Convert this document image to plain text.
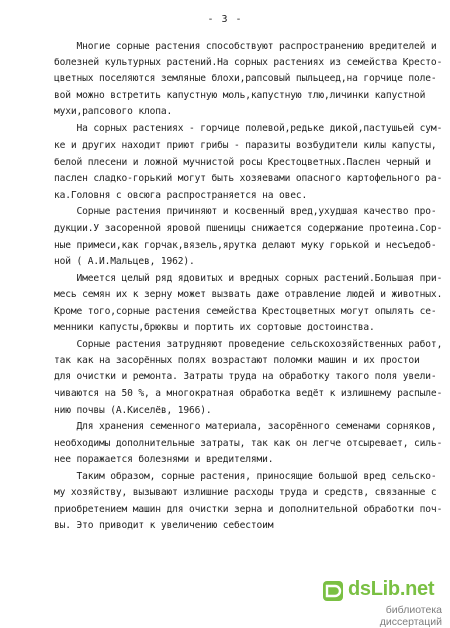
- 3 -
Многие сорные растения способствуют распространению вредителей и
болезней культурных растений.На сорных растениях из семейства Кресто-
цветных поселяются земляные блохи,рапсовый пыльцеед,на горчице поле-
вой можно встретить капустную моль,капустную тлю,личинки капустной
мухи,рапсового клопа.
На сорных растениях - горчице полевой,редьке дикой,пастушьей сум-
ке и других находит приют грибы - паразиты возбудители килы капусты,
белой плесени и ложной мучнистой росы Крестоцветных.Паслен черный и
паслен сладко-горький могут быть хозяевами опасного картофельного ра-
ка.Головня с овсюга распространяется на овес.
Сорные растения причиняют и косвенный вред,ухудшая качество про-
дукции.У засоренной яровой пшеницы снижается содержание протеина.Сор-
ные примеси,как горчак,вязель,ярутка делают муку горькой и несъедоб-
ной ( А.И.Мальцев, 1962).
Имеется целый ряд ядовитых и вредных сорных растений.Большая при-
месь семян их к зерну может вызвать даже отравление людей и животных.
Кроме того,сорные растения семейства Крестоцветных могут опылять се-
менники капусты,брюквы и портить их сортовые достоинства.
Сорные растения затрудняют проведение сельскохозяйственных работ,
так как на засорённых полях возрастают поломки машин и их простои
для очистки и ремонта. Затраты труда на обработку такого поля увели-
чиваются на 50 %, а многократная обработка ведёт к излишнему распыле-
нию почвы (А.Киселёв, 1966).
Для хранения семенного материала, засорённого семенами сорняков,
необходимы дополнительные затраты, так как он легче отсыревает, силь-
нее поражается болезнями и вредителями.
Таким образом, сорные растения, приносящие большой вред сельско-
му хозяйству, вызывают излишние расходы труда и средств, связанные с
приобретением машин для очистки зерна и дополнительной обработки поч-
вы. Это приводит к увеличению себестоим
dsLib.net
библиотека диссертаций
